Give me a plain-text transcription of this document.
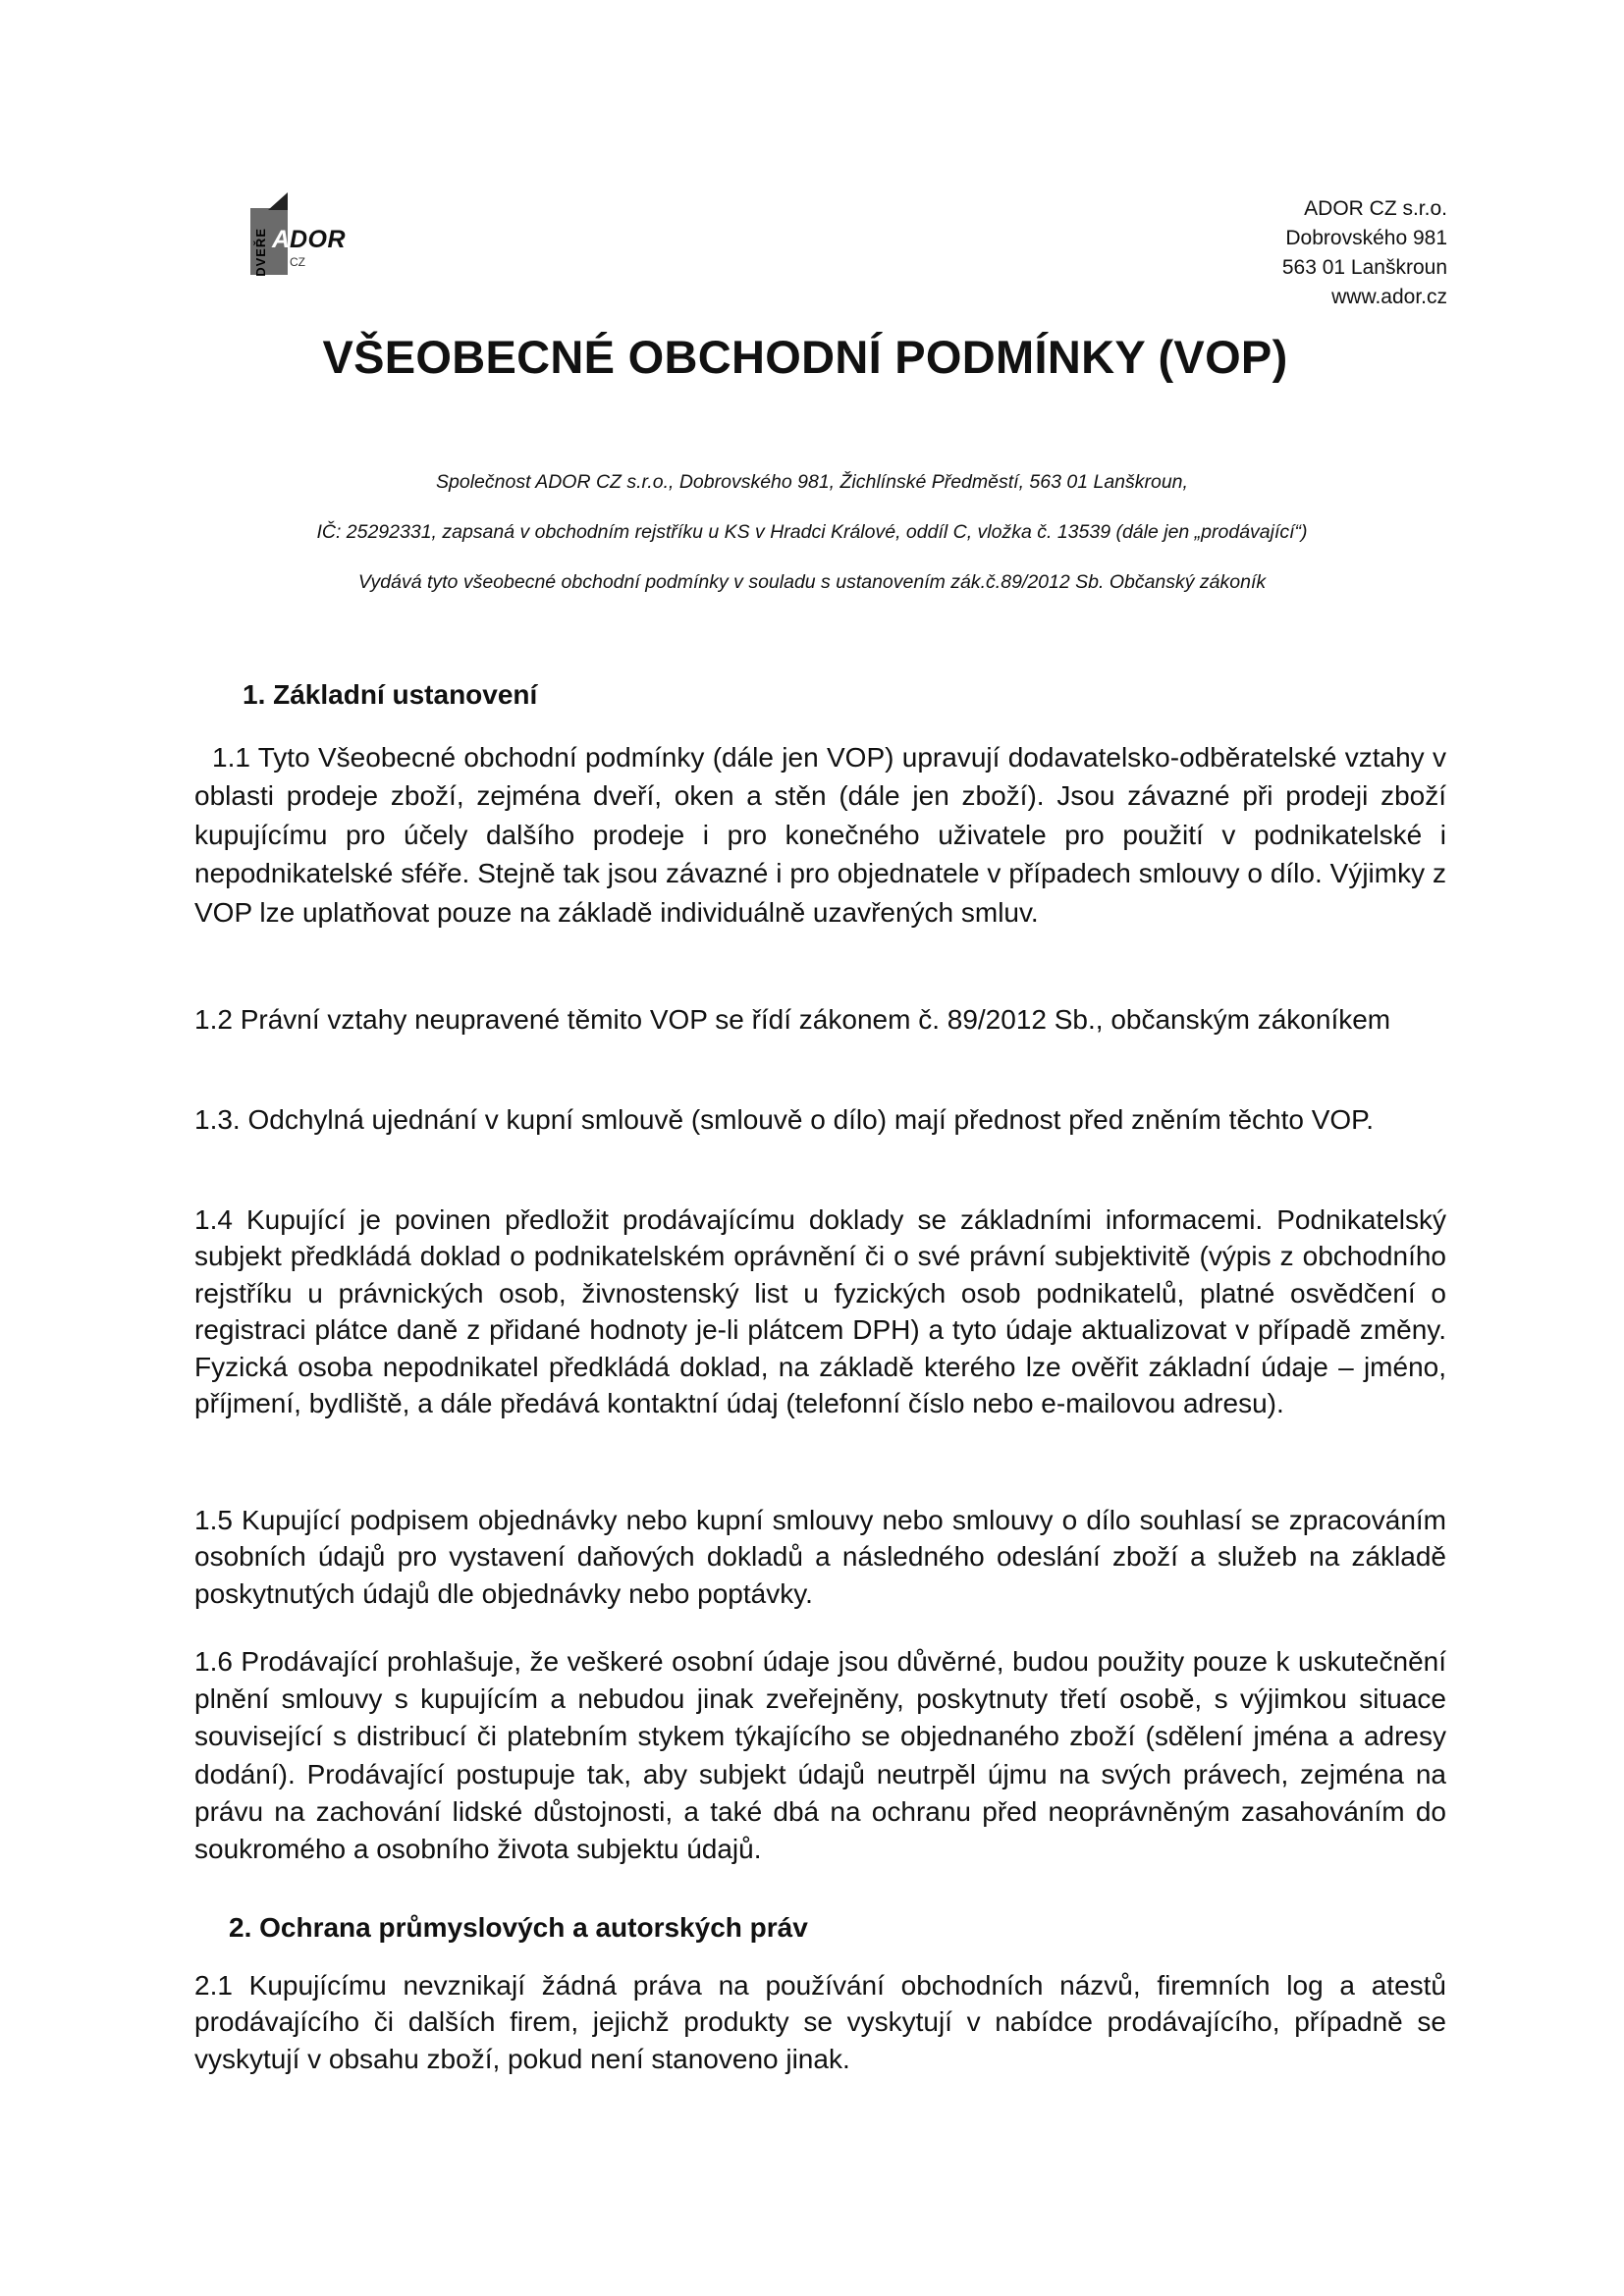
DVEŘE A DOR
CZ
ADOR CZ s.r.o.
Dobrovského 981
563 01 Lanškroun
www.ador.cz
VŠEOBECNÉ OBCHODNÍ PODMÍNKY (VOP)
Společnost ADOR CZ s.r.o., Dobrovského 981, Žichlínské Předměstí, 563 01 Lanškroun,
IČ: 25292331, zapsaná v obchodním rejstříku u KS v Hradci Králové, oddíl C, vložka č. 13539 (dále jen „prodávající“)
Vydává tyto všeobecné obchodní podmínky v souladu s ustanovením zák.č.89/2012 Sb. Občanský zákoník
1. Základní ustanovení

1.1 Tyto Všeobecné obchodní podmínky (dále jen VOP) upravují dodavatelsko-odběratelské vztahy v oblasti prodeje zboží, zejména dveří, oken a stěn (dále jen zboží). Jsou závazné při prodeji zboží kupujícímu pro účely dalšího prodeje i pro konečného uživatele pro použití v podnikatelské i nepodnikatelské sféře. Stejně tak jsou závazné i pro objednatele v případech smlouvy o dílo. Výjimky z VOP lze uplatňovat pouze na základě individuálně uzavřených smluv.

1.2 Právní vztahy neupravené těmito VOP se řídí zákonem č. 89/2012 Sb., občanským zákoníkem

1.3. Odchylná ujednání v kupní smlouvě (smlouvě o dílo) mají přednost před zněním těchto VOP.

1.4 Kupující je povinen předložit prodávajícímu doklady se základními informacemi. Podnikatelský subjekt předkládá doklad o podnikatelském oprávnění či o své právní subjektivitě (výpis z obchodního rejstříku u právnických osob, živnostenský list u fyzických osob podnikatelů, platné osvědčení o registraci plátce daně z přidané hodnoty je-li plátcem DPH) a tyto údaje aktualizovat v případě změny. Fyzická osoba nepodnikatel předkládá doklad, na základě kterého lze ověřit základní údaje – jméno, příjmení, bydliště, a dále předává kontaktní údaj (telefonní číslo nebo e-mailovou adresu).

1.5 Kupující podpisem objednávky nebo kupní smlouvy nebo smlouvy o dílo souhlasí se zpracováním osobních údajů pro vystavení daňových dokladů a následného odeslání zboží a služeb na základě poskytnutých údajů dle objednávky nebo poptávky.

1.6 Prodávající prohlašuje, že veškeré osobní údaje jsou důvěrné, budou použity pouze k uskutečnění plnění smlouvy s kupujícím a nebudou jinak zveřejněny, poskytnuty třetí osobě, s výjimkou situace související s distribucí či platebním stykem týkajícího se objednaného zboží (sdělení jména a adresy dodání). Prodávající postupuje tak, aby subjekt údajů neutrpěl újmu na svých právech, zejména na právu na zachování lidské důstojnosti, a také dbá na ochranu před neoprávněným zasahováním do soukromého a osobního života subjektu údajů.

2. Ochrana průmyslových a autorských práv

2.1 Kupujícímu nevznikají žádná práva na používání obchodních názvů, firemních log a atestů prodávajícího či dalších firem, jejichž produkty se vyskytují v nabídce prodávajícího, případně se vyskytují v obsahu zboží, pokud není stanoveno jinak.
